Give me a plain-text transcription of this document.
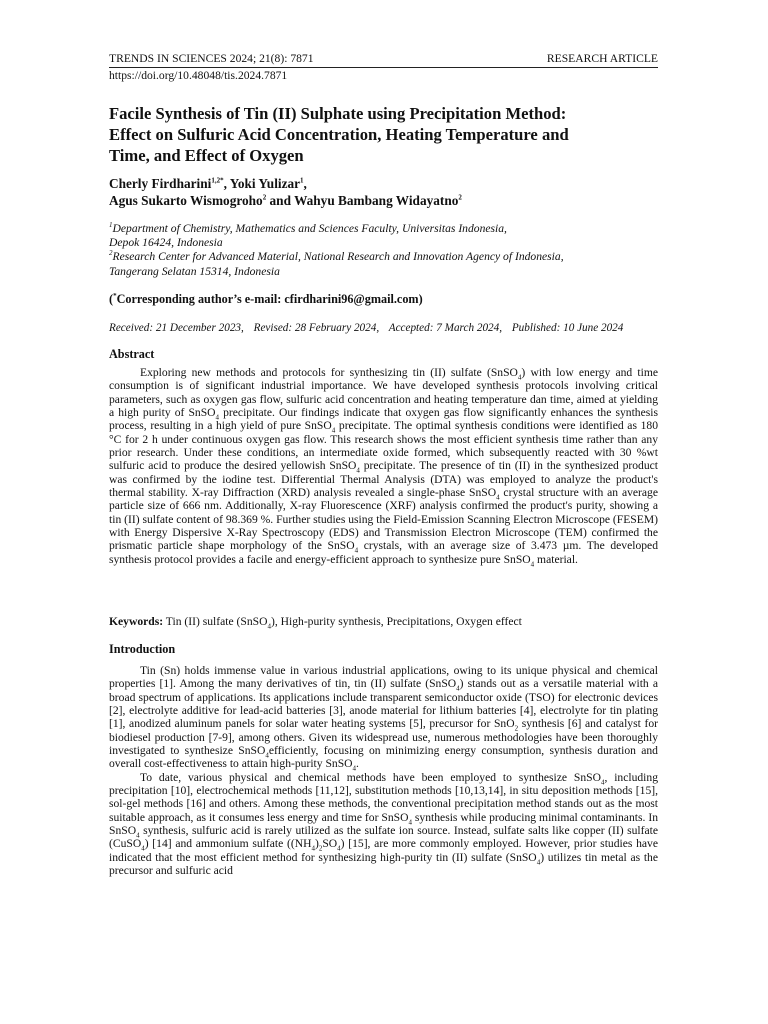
TRENDS IN SCIENCES 2024; 21(8): 7871	RESEARCH ARTICLE
https://doi.org/10.48048/tis.2024.7871
Facile Synthesis of Tin (II) Sulphate using Precipitation Method:
Effect on Sulfuric Acid Concentration, Heating Temperature and
Time, and Effect of Oxygen
Cherly Firdharini$^{1,2*}$, Yoki Yulizar$^1$,
Agus Sukarto Wismogroho$^2$ and Wahyu Bambang Widayatno$^2$
$^1$Department of Chemistry, Mathematics and Sciences Faculty, Universitas Indonesia,
Depok 16424, Indonesia
$^2$Research Center for Advanced Material, National Research and Innovation Agency of Indonesia,
Tangerang Selatan 15314, Indonesia
(*Corresponding author’s e-mail: cfirdharini96@gmail.com)
Received: 21 December 2023, Revised: 28 February 2024, Accepted: 7 March 2024, Published: 10 June 2024
Abstract

Exploring new methods and protocols for synthesizing tin (II) sulfate (SnSO$_4$) with low energy and time consumption is of significant industrial importance. We have developed synthesis protocols involving critical parameters, such as oxygen gas flow, sulfuric acid concentration and heating temperature dan time, aimed at yielding a high purity of SnSO$_4$ precipitate. Our findings indicate that oxygen gas flow significantly enhances the synthesis process, resulting in a high yield of pure SnSO$_4$ precipitate. The optimal synthesis conditions were identified as 180 °C for 2 h under continuous oxygen gas flow. This research shows the most efficient synthesis time rather than any prior research. Under these conditions, an intermediate oxide formed, which subsequently reacted with 30 %wt sulfuric acid to produce the desired yellowish SnSO$_4$ precipitate. The presence of tin (II) in the synthesized product was confirmed by the iodine test. Differential Thermal Analysis (DTA) was employed to analyze the product's thermal stability. X-ray Diffraction (XRD) analysis revealed a single-phase SnSO$_4$ crystal structure with an average particle size of 666 nm. Additionally, X-ray Fluorescence (XRF) analysis confirmed the product's purity, showing a tin (II) sulfate content of 98.369 %. Further studies using the Field-Emission Scanning Electron Microscope (FESEM) with Energy Dispersive X-Ray Spectroscopy (EDS) and Transmission Electron Microscope (TEM) confirmed the prismatic particle shape morphology of the SnSO$_4$ crystals, with an average size of 3.473 µm. The developed synthesis protocol provides a facile and energy-efficient approach to synthesize pure SnSO$_4$ material.

Keywords: Tin (II) sulfate (SnSO$_4$), High-purity synthesis, Precipitations, Oxygen effect
Introduction

Tin (Sn) holds immense value in various industrial applications, owing to its unique physical and chemical properties [1]. Among the many derivatives of tin, tin (II) sulfate (SnSO$_4$) stands out as a versatile material with a broad spectrum of applications. Its applications include transparent semiconductor oxide (TSO) for electronic devices [2], electrolyte additive for lead-acid batteries [3], anode material for lithium batteries [4], electrolyte for tin plating [1], anodized aluminum panels for solar water heating systems [5], precursor for SnO$_2$ synthesis [6] and catalyst for biodiesel production [7-9], among others. Given its widespread use, numerous methodologies have been thoroughly investigated to synthesize SnSO$_4$efficiently, focusing on minimizing energy consumption, synthesis duration and overall cost-effectiveness to attain high-purity SnSO$_4$.

To date, various physical and chemical methods have been employed to synthesize SnSO$_4$, including precipitation [10], electrochemical methods [11,12], substitution methods [10,13,14], in situ deposition methods [15], sol-gel methods [16] and others. Among these methods, the conventional precipitation method stands out as the most suitable approach, as it consumes less energy and time for SnSO$_4$ synthesis while producing minimal contaminants. In SnSO$_4$ synthesis, sulfuric acid is rarely utilized as the sulfate ion source. Instead, sulfate salts like copper (II) sulfate (CuSO$_4$) [14] and ammonium sulfate $((NH_4)_2SO_4)$ [15], are more commonly employed. However, prior studies have indicated that the most efficient method for synthesizing high-purity tin (II) sulfate (SnSO$_4$) utilizes tin metal as the precursor and sulfuric acid
